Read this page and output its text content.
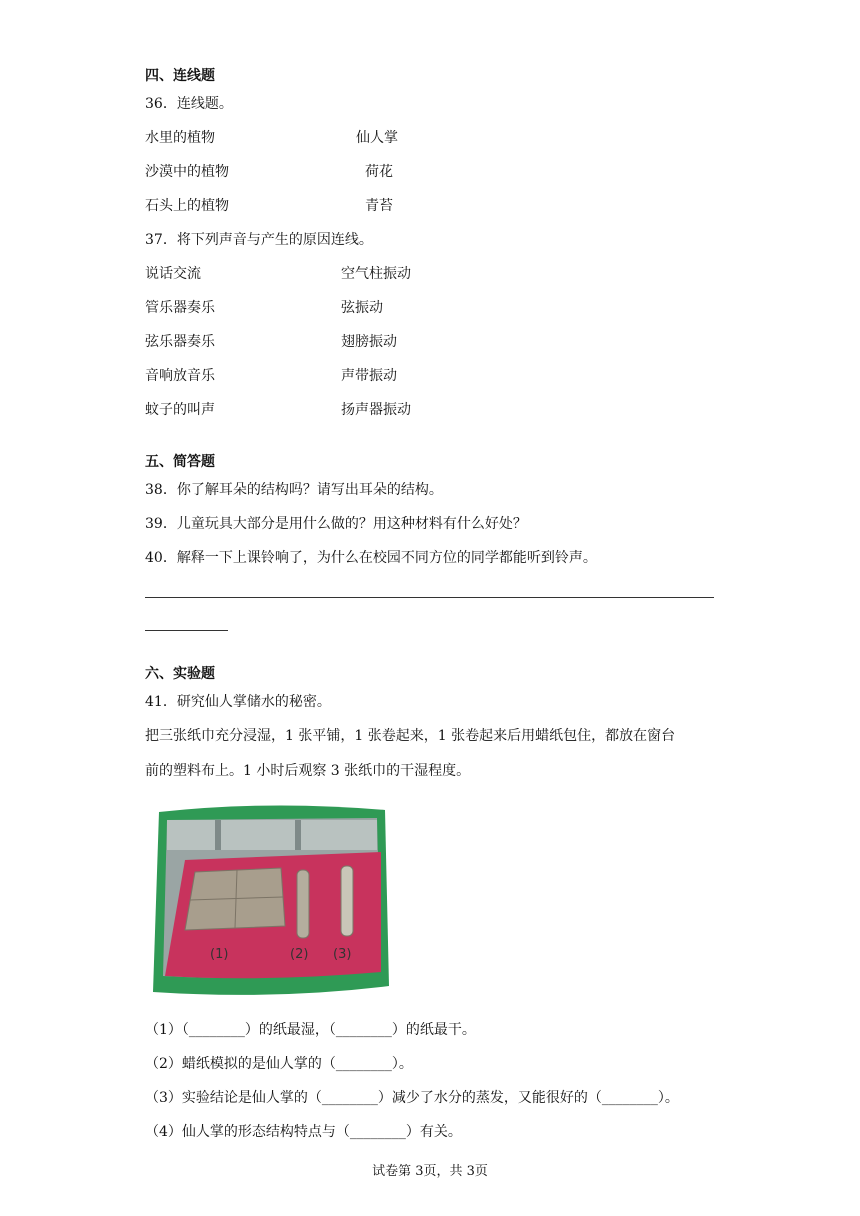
四、连线题
36．连线题。
水里的植物	仙人掌
沙漠中的植物	荷花
石头上的植物	青苔
37．将下列声音与产生的原因连线。
说话交流	空气柱振动
管乐器奏乐	弦振动
弦乐器奏乐	翅膀振动
音响放音乐	声带振动
蚊子的叫声	扬声器振动
五、简答题
38．你了解耳朵的结构吗？请写出耳朵的结构。
39．儿童玩具大部分是用什么做的？用这种材料有什么好处？
40．解释一下上课铃响了，为什么在校园不同方位的同学都能听到铃声。
六、实验题
41．研究仙人掌储水的秘密。
把三张纸巾充分浸湿，1 张平铺，1 张卷起来，1 张卷起来后用蜡纸包住，都放在窗台
前的塑料布上。1 小时后观察 3 张纸巾的干湿程度。
(1)	(2) (3)
（1）（________）的纸最湿，（________）的纸最干。
（2）蜡纸模拟的是仙人掌的（________）。
（3）实验结论是仙人掌的（________）减少了水分的蒸发，又能很好的（________）。
（4）仙人掌的形态结构特点与（________）有关。
试卷第 3页，共 3页
